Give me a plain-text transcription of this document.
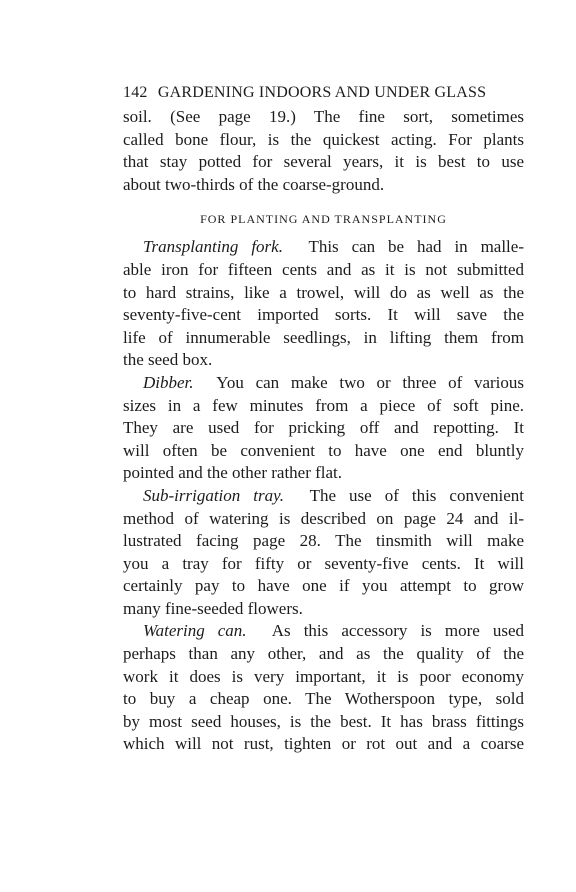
142 GARDENING INDOORS AND UNDER GLASS
soil. (See page 19.) The fine sort, sometimes
called bone flour, is the quickest acting. For plants
that stay potted for several years, it is best to use
about two-thirds of the coarse-ground.
FOR PLANTING AND TRANSPLANTING
Transplanting fork. This can be had in malle-
able iron for fifteen cents and as it is not submitted
to hard strains, like a trowel, will do as well as the
seventy-five-cent imported sorts. It will save the
life of innumerable seedlings, in lifting them from
the seed box.
Dibber. You can make two or three of various
sizes in a few minutes from a piece of soft pine.
They are used for pricking off and repotting. It
will often be convenient to have one end bluntly
pointed and the other rather flat.
Sub-irrigation tray. The use of this convenient
method of watering is described on page 24 and il-
lustrated facing page 28. The tinsmith will make
you a tray for fifty or seventy-five cents. It will
certainly pay to have one if you attempt to grow
many fine-seeded flowers.
Watering can. As this accessory is more used
perhaps than any other, and as the quality of the
work it does is very important, it is poor economy
to buy a cheap one. The Wotherspoon type, sold
by most seed houses, is the best. It has brass fittings
which will not rust, tighten or rot out and a coarse
